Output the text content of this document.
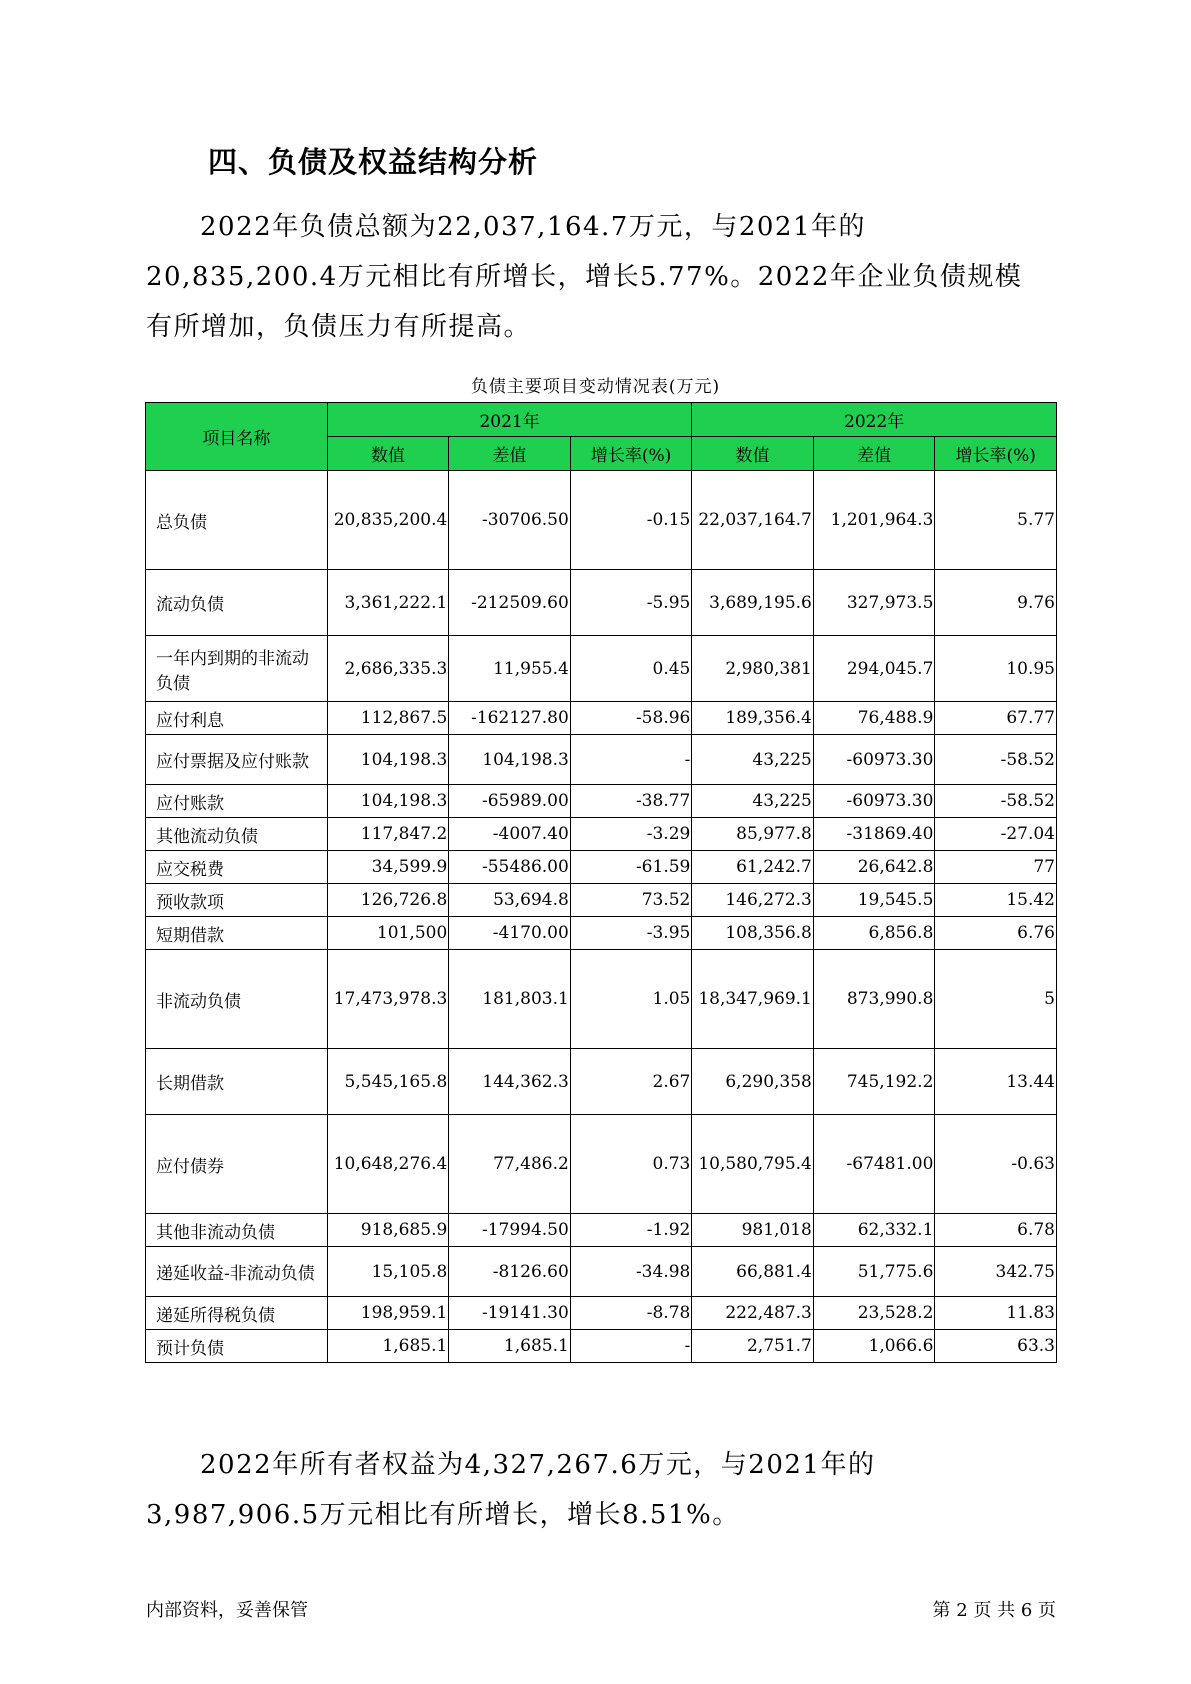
四、负债及权益结构分析
2022年负债总额为22,037,164.7万元，与2021年的20,835,200.4万元相比有所增长，增长5.77%。2022年企业负债规模有所增加，负债压力有所提高。
负债主要项目变动情况表(万元)
项目名称	2021年			2022年		
	数值	差值	增长率(%)	数值	差值	增长率(%)
总负债	20,835,200.4	-30706.50	-0.15	22,037,164.7	1,201,964.3	5.77
流动负债	3,361,222.1	-212509.60	-5.95	3,689,195.6	327,973.5	9.76
一年内到期的非流动负债	2,686,335.3	11,955.4	0.45	2,980,381	294,045.7	10.95
应付利息	112,867.5	-162127.80	-58.96	189,356.4	76,488.9	67.77
应付票据及应付账款	104,198.3	104,198.3	-	43,225	-60973.30	-58.52
应付账款	104,198.3	-65989.00	-38.77	43,225	-60973.30	-58.52
其他流动负债	117,847.2	-4007.40	-3.29	85,977.8	-31869.40	-27.04
应交税费	34,599.9	-55486.00	-61.59	61,242.7	26,642.8	77
预收款项	126,726.8	53,694.8	73.52	146,272.3	19,545.5	15.42
短期借款	101,500	-4170.00	-3.95	108,356.8	6,856.8	6.76
非流动负债	17,473,978.3	181,803.1	1.05	18,347,969.1	873,990.8	5
长期借款	5,545,165.8	144,362.3	2.67	6,290,358	745,192.2	13.44
应付债券	10,648,276.4	77,486.2	0.73	10,580,795.4	-67481.00	-0.63
其他非流动负债	918,685.9	-17994.50	-1.92	981,018	62,332.1	6.78
递延收益-非流动负债	15,105.8	-8126.60	-34.98	66,881.4	51,775.6	342.75
递延所得税负债	198,959.1	-19141.30	-8.78	222,487.3	23,528.2	11.83
预计负债	1,685.1	1,685.1	-	2,751.7	1,066.6	63.3
2022年所有者权益为4,327,267.6万元，与2021年的3,987,906.5万元相比有所增长，增长8.51%。
内部资料，妥善保管	第 2 页 共 6 页
